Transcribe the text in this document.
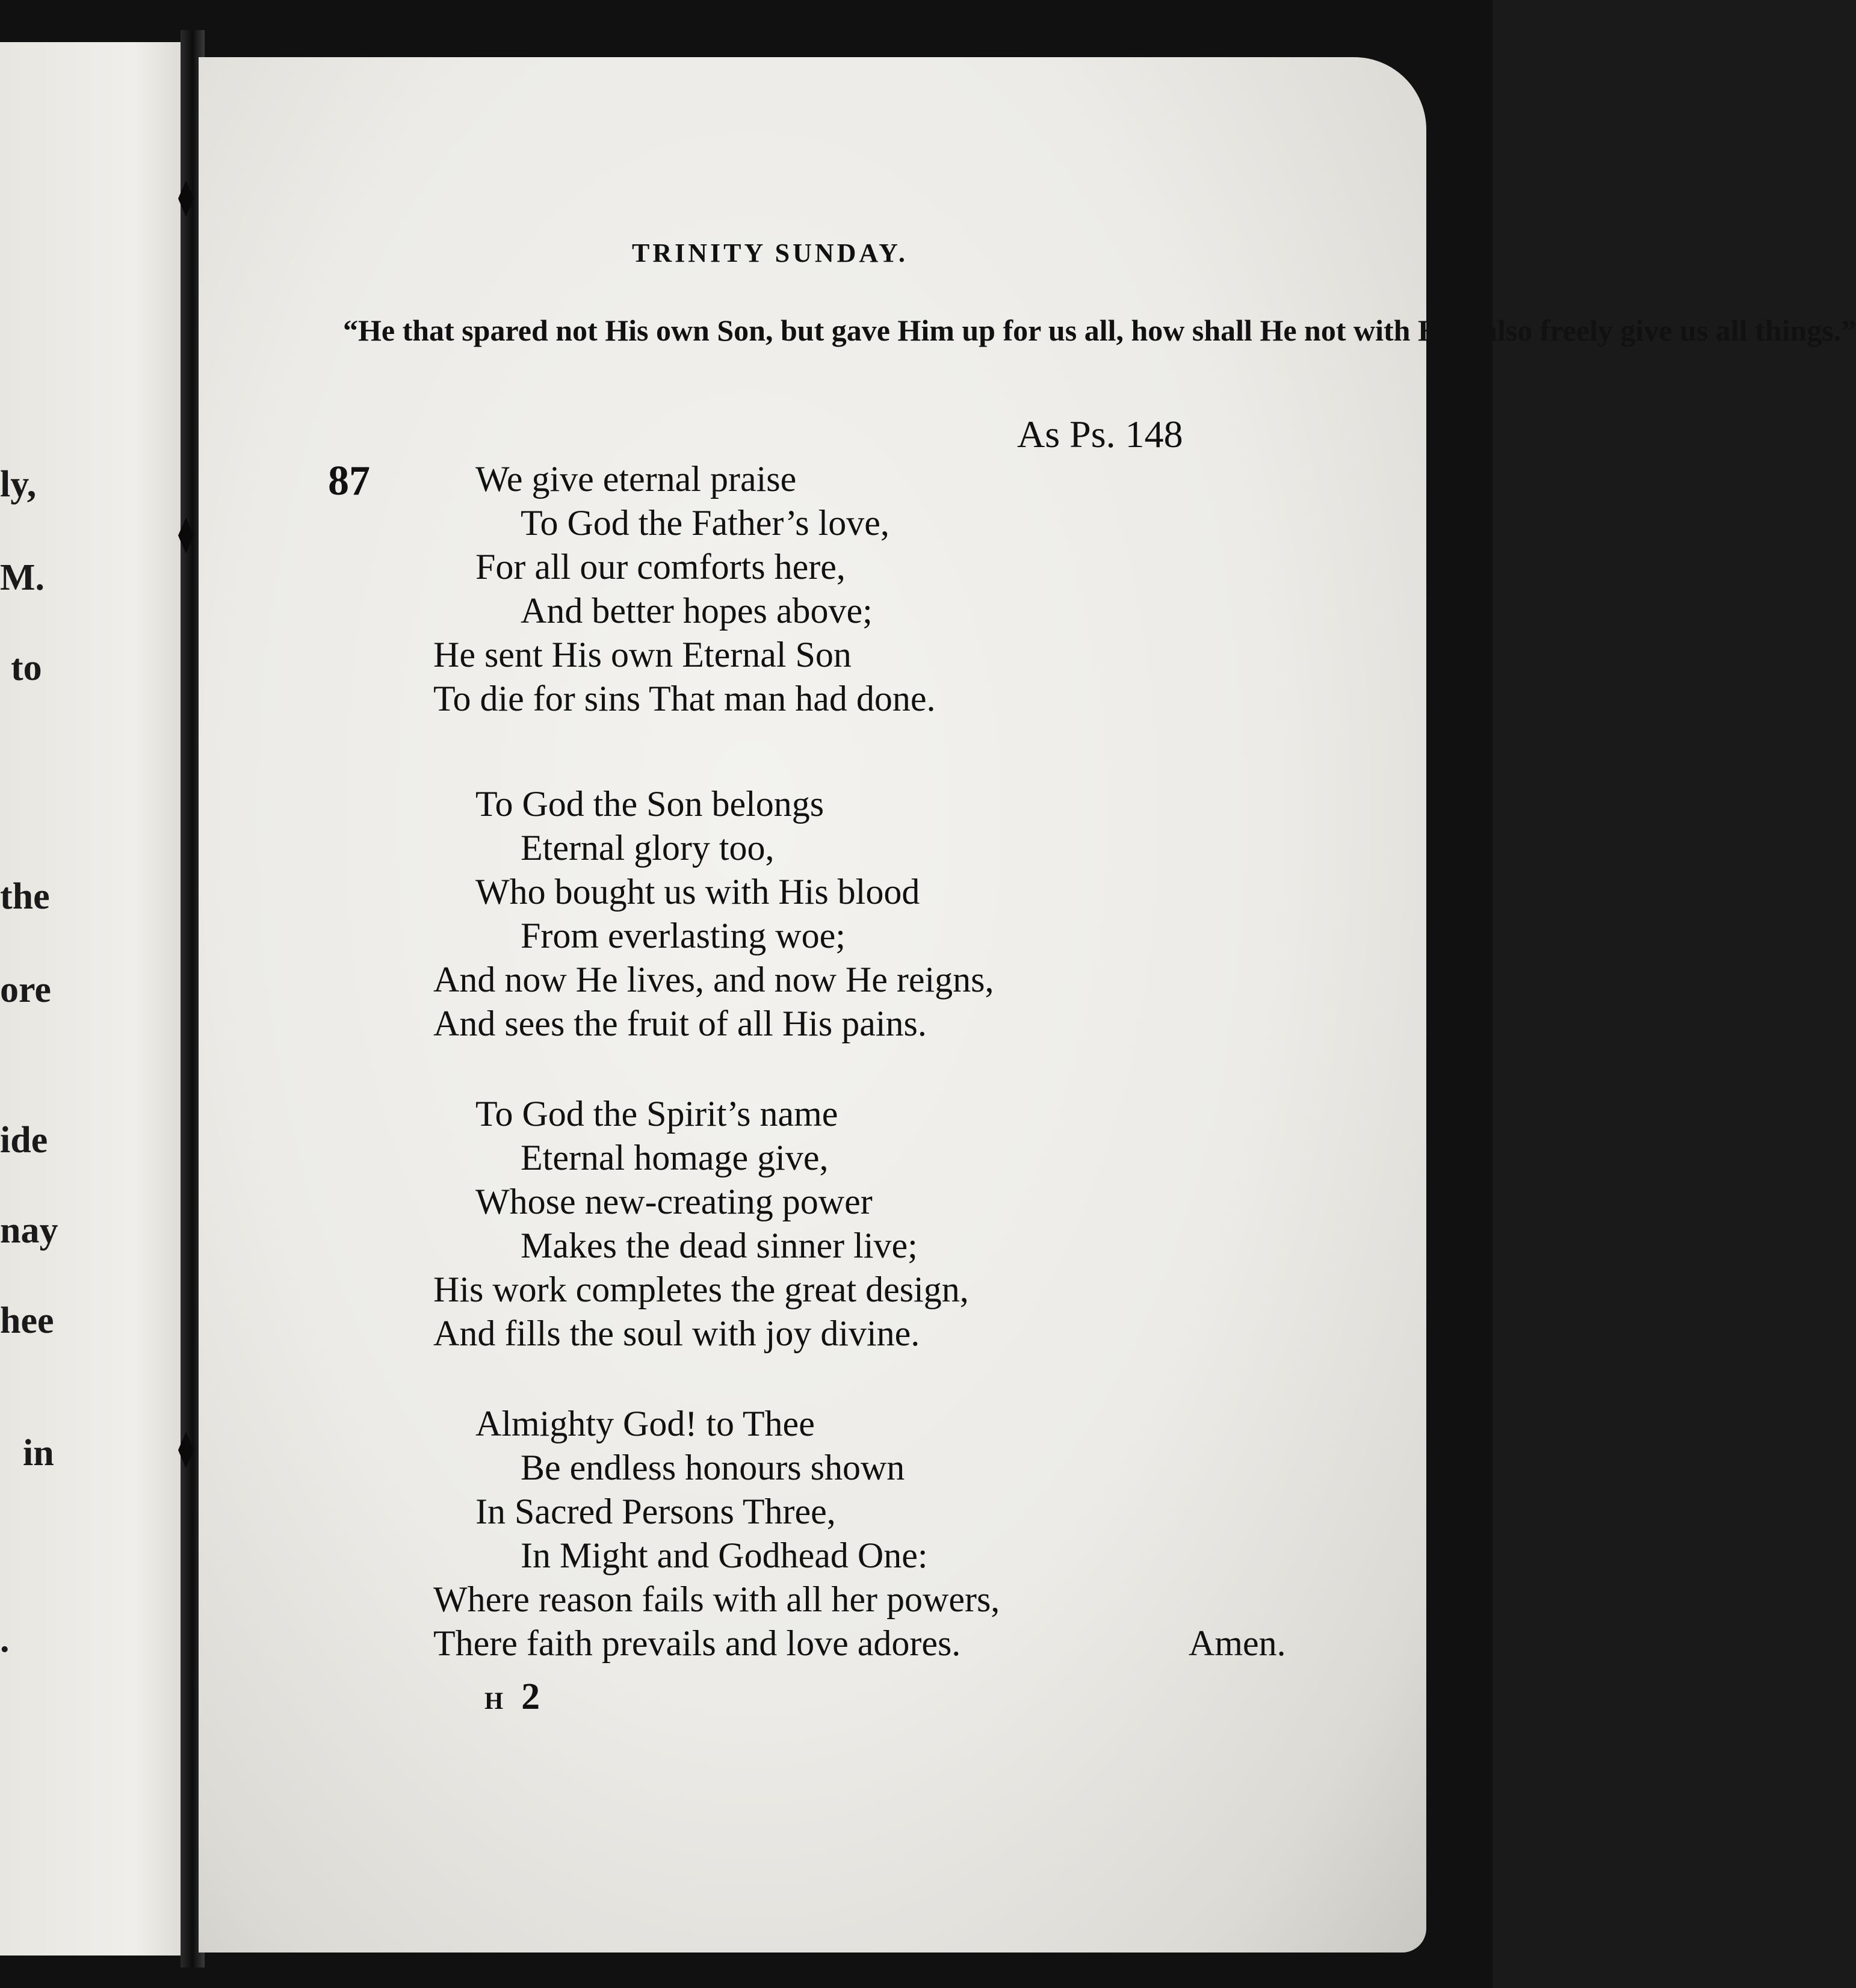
ly,
M.
to
the
ore
ide
nay
hee
in
.
TRINITY SUNDAY.
“He that spared not His own Son, but gave Him up for us all, how shall He not with Him also freely give us all things.”
As Ps. 148
87	We give eternal praise
To God the Father’s love,
For all our comforts here,
And better hopes above;
He sent His own Eternal Son
To die for sins That man had done.
To God the Son belongs
Eternal glory too,
Who bought us with His blood
From everlasting woe;
And now He lives, and now He reigns,
And sees the fruit of all His pains.
To God the Spirit’s name
Eternal homage give,
Whose new-creating power
Makes the dead sinner live;
His work completes the great design,
And fills the soul with joy divine.
Almighty God! to Thee
Be endless honours shown
In Sacred Persons Three,
In Might and Godhead One:
Where reason fails with all her powers,
There faith prevails and love adores.	Amen.
H 2
